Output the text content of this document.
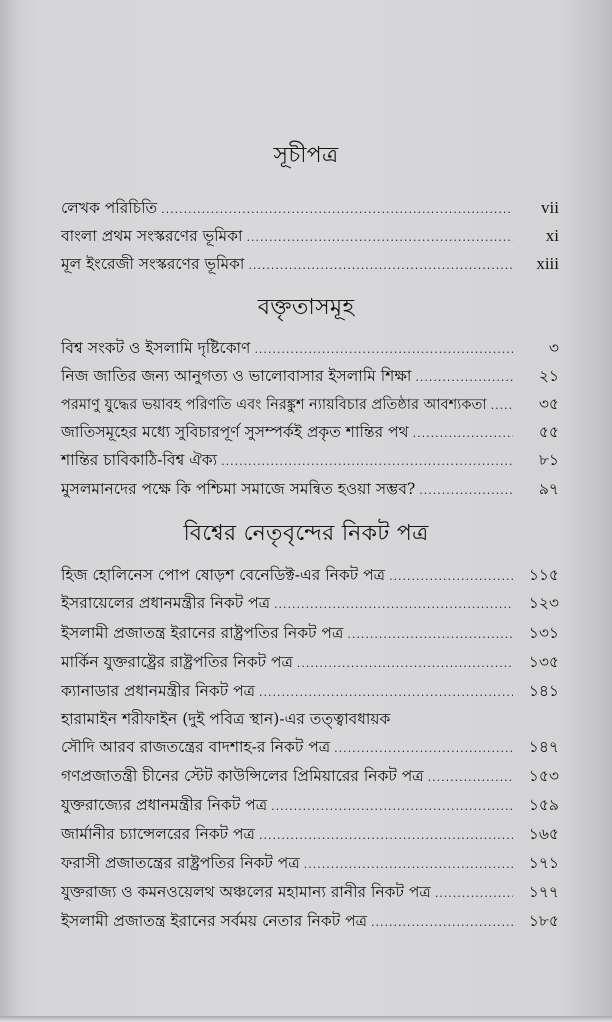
সূচীপত্র
লেখক পরিচিতি .....	vii
বাংলা প্রথম সংস্করণের ভূমিকা .....	xi
মূল ইংরেজী সংস্করণের ভূমিকা .....	xiii
বক্তৃতাসমূহ
বিশ্ব সংকট ও ইসলামি দৃষ্টিকোণ .....	৩
নিজ জাতির জন্য আনুগত্য ও ভালোবাসার ইসলামি শিক্ষা .....	২১
পরমাণু যুদ্ধের ভয়াবহ পরিণতি এবং নিরঙ্কুশ ন্যায়বিচার প্রতিষ্ঠার আবশ্যকতা .....	৩৫
জাতিসমূহের মধ্যে সুবিচারপূর্ণ সুসম্পর্কই প্রকৃত শান্তির পথ .....	৫৫
শান্তির চাবিকাঠি-বিশ্ব ঐক্য .....	৮১
মুসলমানদের পক্ষে কি পশ্চিমা সমাজে সমন্বিত হওয়া সম্ভব? .....	৯৭
বিশ্বের নেতৃবৃন্দের নিকট পত্র
হিজ হোলিনেস পোপ ষোড়শ বেনেডিক্ট-এর নিকট পত্র .....	১১৫
ইসরায়েলের প্রধানমন্ত্রীর নিকট পত্র .....	১২৩
ইসলামী প্রজাতন্ত্র ইরানের রাষ্ট্রপতির নিকট পত্র .....	১৩১
মার্কিন যুক্তরাষ্ট্রের রাষ্ট্রপতির নিকট পত্র .....	১৩৫
ক্যানাডার প্রধানমন্ত্রীর নিকট পত্র .....	১৪১
হারামাইন শরীফাইন (দুই পবিত্র স্থান)-এর তত্ত্বাবধায়ক
সৌদি আরব রাজতন্ত্রের বাদশাহ-র নিকট পত্র .....	১৪৭
গণপ্রজাতন্ত্রী চীনের স্টেট কাউন্সিলের প্রিমিয়ারের নিকট পত্র .....	১৫৩
যুক্তরাজ্যের প্রধানমন্ত্রীর নিকট পত্র .....	১৫৯
জার্মানীর চ্যান্সেলরের নিকট পত্র .....	১৬৫
ফরাসী প্রজাতন্ত্রের রাষ্ট্রপতির নিকট পত্র .....	১৭১
যুক্তরাজ্য ও কমনওয়েলথ অঞ্চলের মহামান্য রানীর নিকট পত্র .....	১৭৭
ইসলামী প্রজাতন্ত্র ইরানের সর্বময় নেতার নিকট পত্র .....	১৮৫
